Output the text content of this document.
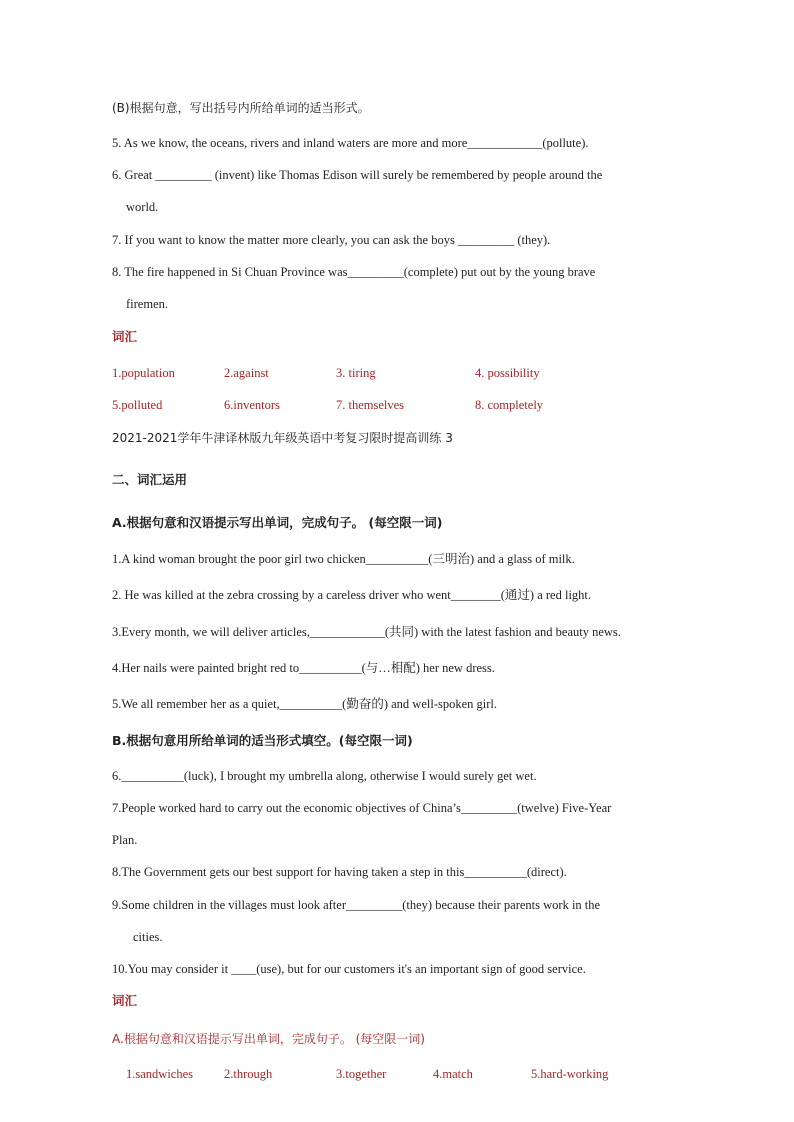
(B)根据句意，写出括号内所给单词的适当形式。
5. As we know, the oceans, rivers and inland waters are more and more____________(pollute).
6. Great _________ (invent) like Thomas Edison will surely be remembered by people around the
world.
7. If you want to know the matter more clearly, you can ask the boys _________ (they).
8. The fire happened in Si Chuan Province was_________(complete) put out by the young brave
firemen.
词汇
1.population	2.against	3. tiring	4. possibility
5.polluted	6.inventors	7. themselves	8. completely
2021-2021学年牛津译林版九年级英语中考复习限时提高训练 3
二、词汇运用
A.根据句意和汉语提示写出单词，完成句子。 (每空限一词)
1.A kind woman brought the poor girl two chicken__________(三明治) and a glass of milk.
2. He was killed at the zebra crossing by a careless driver who went________(通过) a red light.
3.Every month, we will deliver articles,____________(共同) with the latest fashion and beauty news.
4.Her nails were painted bright red to__________(与…相配) her new dress.
5.We all remember her as a quiet,__________(勤奋的) and well-spoken girl.
B.根据句意用所给单词的适当形式填空。(每空限一词)
6.__________(luck), I brought my umbrella along, otherwise I would surely get wet.
7.People worked hard to carry out the economic objectives of China’s_________(twelve) Five-Year
Plan.
8.The Government gets our best support for having taken a step in this__________(direct).
9.Some children in the villages must look after_________(they) because their parents work in the
cities.
10.You may consider it ____(use), but for our customers it's an important sign of good service.
词汇
A.根据句意和汉语提示写出单词，完成句子。 (每空限一词)
1.sandwiches 2.through	3.together	4.match	5.hard-working
